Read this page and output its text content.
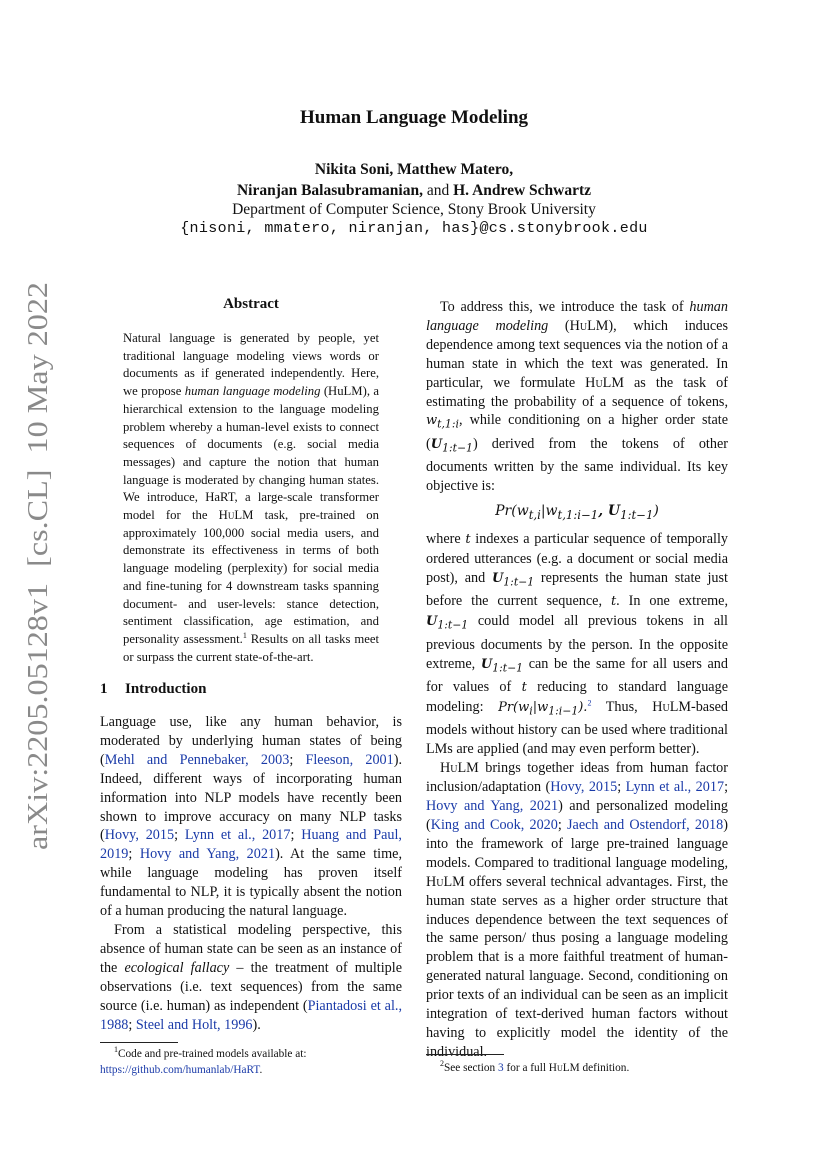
Human Language Modeling
Nikita Soni, Matthew Matero,
Niranjan Balasubramanian, and H. Andrew Schwartz
Department of Computer Science, Stony Brook University
{nisoni, mmatero, niranjan, has}@cs.stonybrook.edu
arXiv:2205.05128v1  [cs.CL]  10 May 2022
Abstract

Natural language is generated by people, yet traditional language modeling views words or documents as if generated independently. Here, we propose human language modeling (HuLM), a hierarchical extension to the language modeling problem whereby a human-level exists to connect sequences of documents (e.g. social media messages) and capture the notion that human language is moderated by changing human states. We introduce, HaRT, a large-scale transformer model for the HuLM task, pre-trained on approximately 100,000 social media users, and demonstrate its effectiveness in terms of both language modeling (perplexity) for social media and fine-tuning for 4 downstream tasks spanning document- and user-levels: stance detection, sentiment classification, age estimation, and personality assessment.$^1$ Results on all tasks meet or surpass the current state-of-the-art.

1 Introduction

Language use, like any human behavior, is moderated by underlying human states of being (Mehl and Pennebaker, 2003; Fleeson, 2001). Indeed, different ways of incorporating human information into NLP models have recently been shown to improve accuracy on many NLP tasks (Hovy, 2015; Lynn et al., 2017; Huang and Paul, 2019; Hovy and Yang, 2021). At the same time, while language modeling has proven itself fundamental to NLP, it is typically absent the notion of a human producing the natural language.

From a statistical modeling perspective, this absence of human state can be seen as an instance of the ecological fallacy – the treatment of multiple observations (i.e. text sequences) from the same source (i.e. human) as independent (Piantadosi et al., 1988; Steel and Holt, 1996).

To address this, we introduce the task of human language modeling (HuLM), which induces dependence among text sequences via the notion of a human state in which the text was generated. In particular, we formulate HuLM as the task of estimating the probability of a sequence of tokens, $w_{t,1:i}$, while conditioning on a higher order state $(U_{1:t-1})$ derived from the tokens of other documents written by the same individual. Its key objective is:

$Pr(w_{t,i}|w_{t,1:i-1}$, $U_{1:t-1}$)

where t indexes a particular sequence of temporally ordered utterances (e.g. a document or social media post), and $U_{1:t-1}$ represents the human state just before the current sequence, t. In one extreme, $U_{1:t-1}$ could model all previous tokens in all previous documents by the person. In the opposite extreme, $U_{1:t-1}$ can be the same for all users and for values of t reducing to standard language modeling: $Pr(w_i|w_{1:i-1}).^2$ Thus, HuLM-based models without history can be used where traditional LMs are applied (and may even perform better).

HuLM brings together ideas from human factor inclusion/adaptation (Hovy, 2015; Lynn et al., 2017; Hovy and Yang, 2021) and personalized modeling (King and Cook, 2020; Jaech and Ostendorf, 2018) into the framework of large pre-trained language models. Compared to traditional language modeling, HuLM offers several technical advantages. First, the human state serves as a higher order structure that induces dependence between the text sequences of the same person/ thus posing a language modeling problem that is a more faithful treatment of human-generated natural language. Second, conditioning on prior texts of an individual can be seen as an implicit integration of text-derived human factors without having to explicitly model the identity of the individual.

$^1$Code and pre-trained models available at:
https://github.com/humanlab/HaRT.
$^2$See section 3 for a full HuLM definition.
